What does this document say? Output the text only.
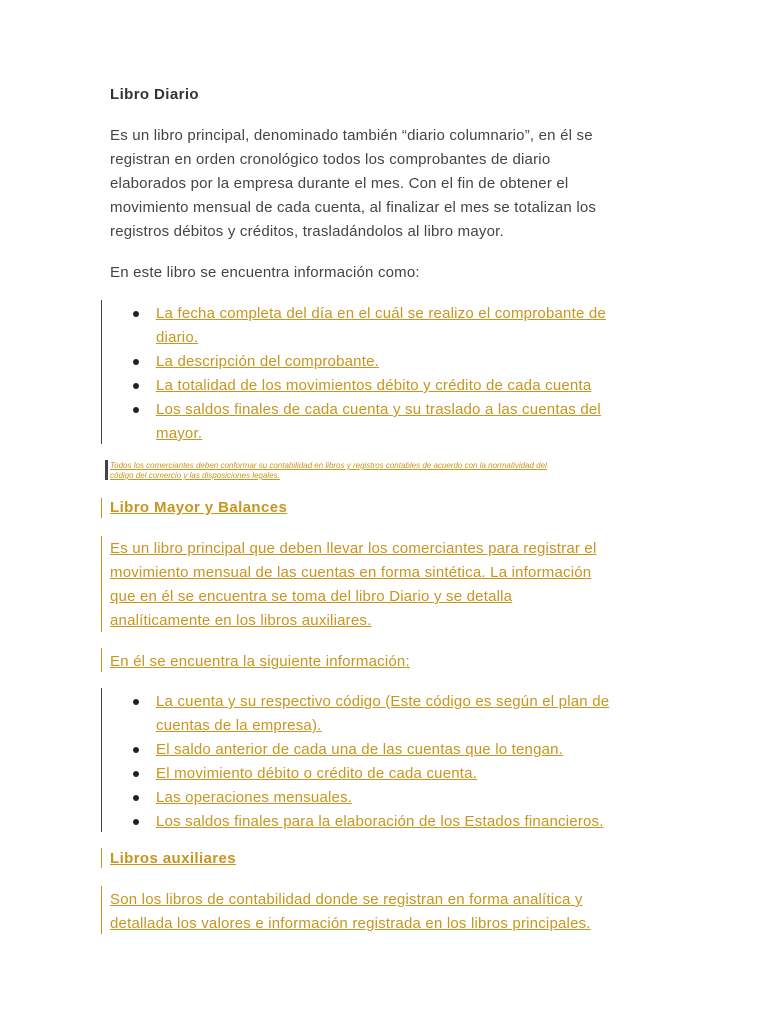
Libro Diario

Es un libro principal, denominado también “diario columnario”, en él se
registran en orden cronológico todos los comprobantes de diario
elaborados por la empresa durante el mes. Con el fin de obtener el
movimiento mensual de cada cuenta, al finalizar el mes se totalizan los
registros débitos y créditos, trasladándolos al libro mayor.

En este libro se encuentra información como:

La fecha completa del día en el cuál se realizo el comprobante de
diario.
La descripción del comprobante.
La totalidad de los movimientos débito y crédito de cada cuenta
Los saldos finales de cada cuenta y su traslado a las cuentas del
mayor.

Todos los comerciantes deben conformar su contabilidad en libros y registros contables de acuerdo con la normatividad del
código del comercio y las disposiciones legales.

Libro Mayor y Balances

Es un libro principal que deben llevar los comerciantes para registrar el
movimiento mensual de las cuentas en forma sintética. La información
que en él se encuentra se toma del libro Diario y se detalla
analíticamente en los libros auxiliares.

En él se encuentra la siguiente información:

La cuenta y su respectivo código (Este código es según el plan de
cuentas de la empresa).
El saldo anterior de cada una de las cuentas que lo tengan.
El movimiento débito o crédito de cada cuenta.
Las operaciones mensuales.
Los saldos finales para la elaboración de los Estados financieros.
Libros auxiliares

Son los libros de contabilidad donde se registran en forma analítica y
detallada los valores e información registrada en los libros principales.
